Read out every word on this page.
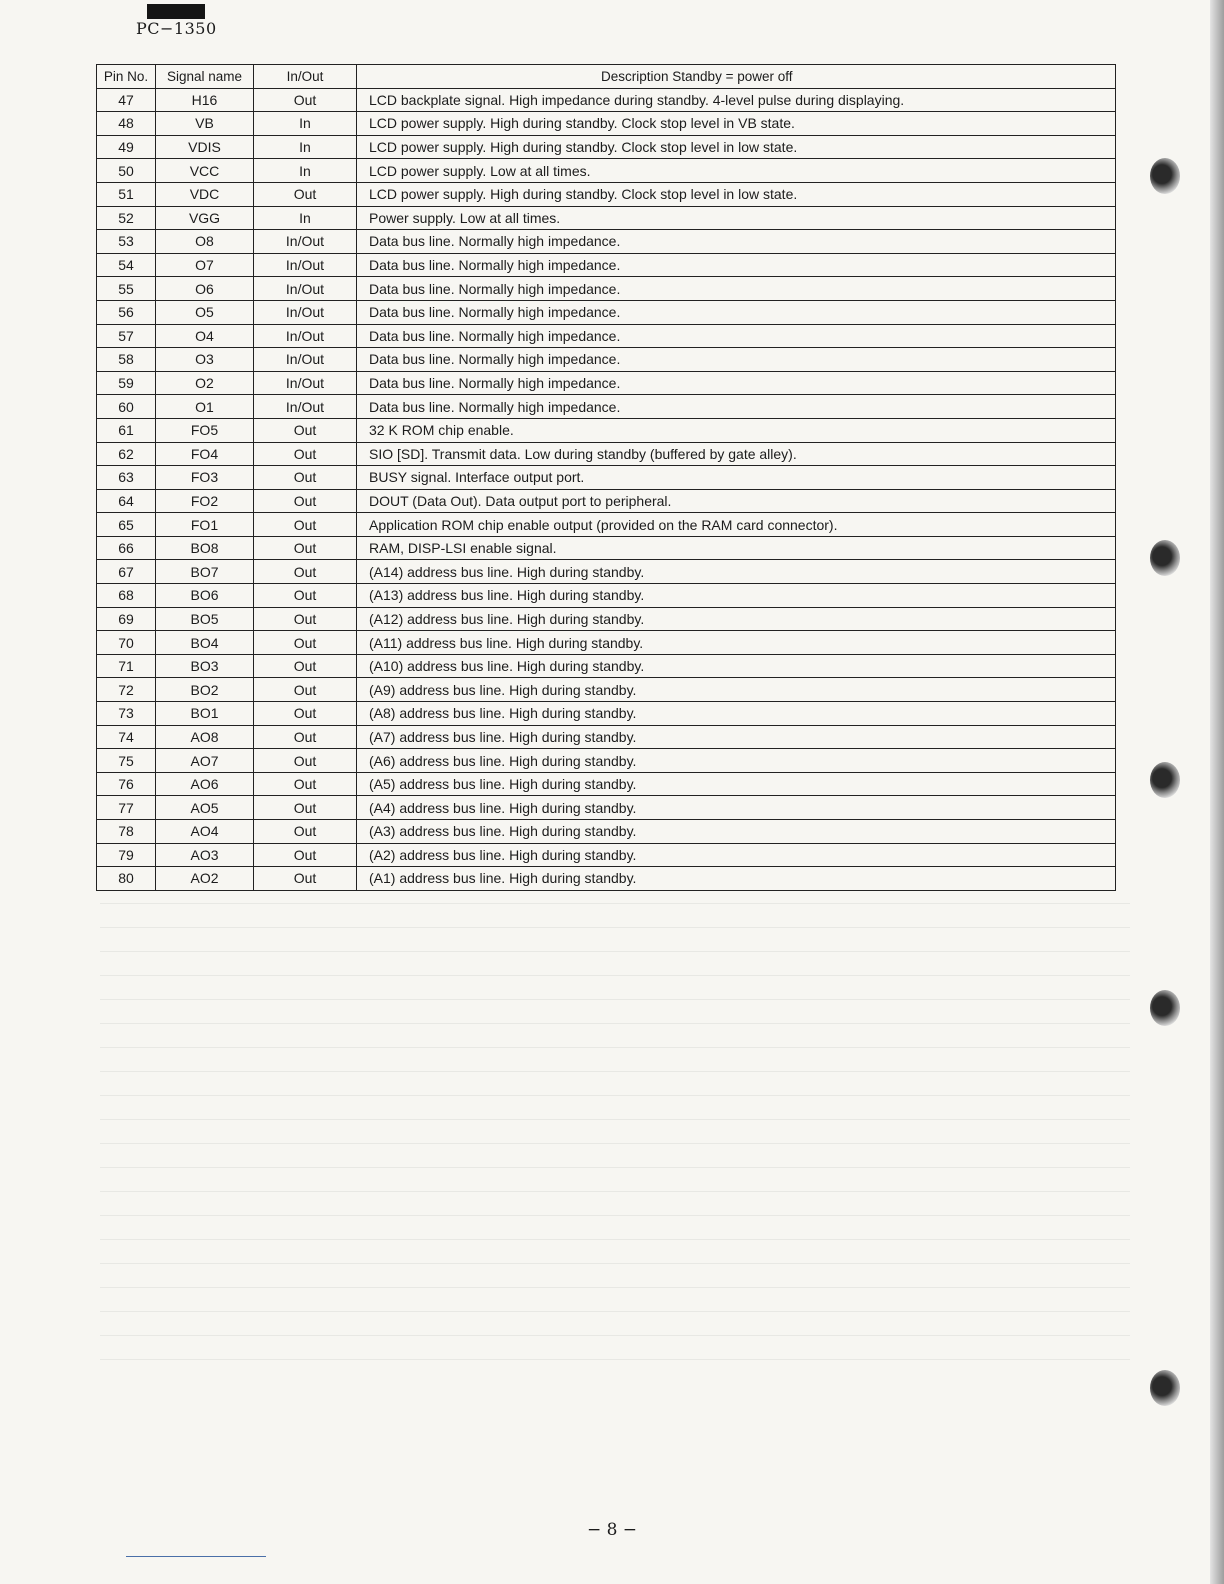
PC−1350
Pin No.	Signal name	In/Out	Description Standby = power off
47	H16	Out	LCD backplate signal. High impedance during standby. 4-level pulse during displaying.
48	VB	In	LCD power supply. High during standby. Clock stop level in VB state.
49	VDIS	In	LCD power supply. High during standby. Clock stop level in low state.
50	VCC	In	LCD power supply. Low at all times.
51	VDC	Out	LCD power supply. High during standby. Clock stop level in low state.
52	VGG	In	Power supply. Low at all times.
53	O8	In/Out	Data bus line. Normally high impedance.
54	O7	In/Out	Data bus line. Normally high impedance.
55	O6	In/Out	Data bus line. Normally high impedance.
56	O5	In/Out	Data bus line. Normally high impedance.
57	O4	In/Out	Data bus line. Normally high impedance.
58	O3	In/Out	Data bus line. Normally high impedance.
59	O2	In/Out	Data bus line. Normally high impedance.
60	O1	In/Out	Data bus line. Normally high impedance.
61	FO5	Out	32 K ROM chip enable.
62	FO4	Out	SIO [SD]. Transmit data. Low during standby (buffered by gate alley).
63	FO3	Out	BUSY signal. Interface output port.
64	FO2	Out	DOUT (Data Out). Data output port to peripheral.
65	FO1	Out	Application ROM chip enable output (provided on the RAM card connector).
66	BO8	Out	RAM, DISP-LSI enable signal.
67	BO7	Out	(A14) address bus line. High during standby.
68	BO6	Out	(A13) address bus line. High during standby.
69	BO5	Out	(A12) address bus line. High during standby.
70	BO4	Out	(A11) address bus line. High during standby.
71	BO3	Out	(A10) address bus line. High during standby.
72	BO2	Out	(A9) address bus line. High during standby.
73	BO1	Out	(A8) address bus line. High during standby.
74	AO8	Out	(A7) address bus line. High during standby.
75	AO7	Out	(A6) address bus line. High during standby.
76	AO6	Out	(A5) address bus line. High during standby.
77	AO5	Out	(A4) address bus line. High during standby.
78	AO4	Out	(A3) address bus line. High during standby.
79	AO3	Out	(A2) address bus line. High during standby.
80	AO2	Out	(A1) address bus line. High during standby.
− 8 −
